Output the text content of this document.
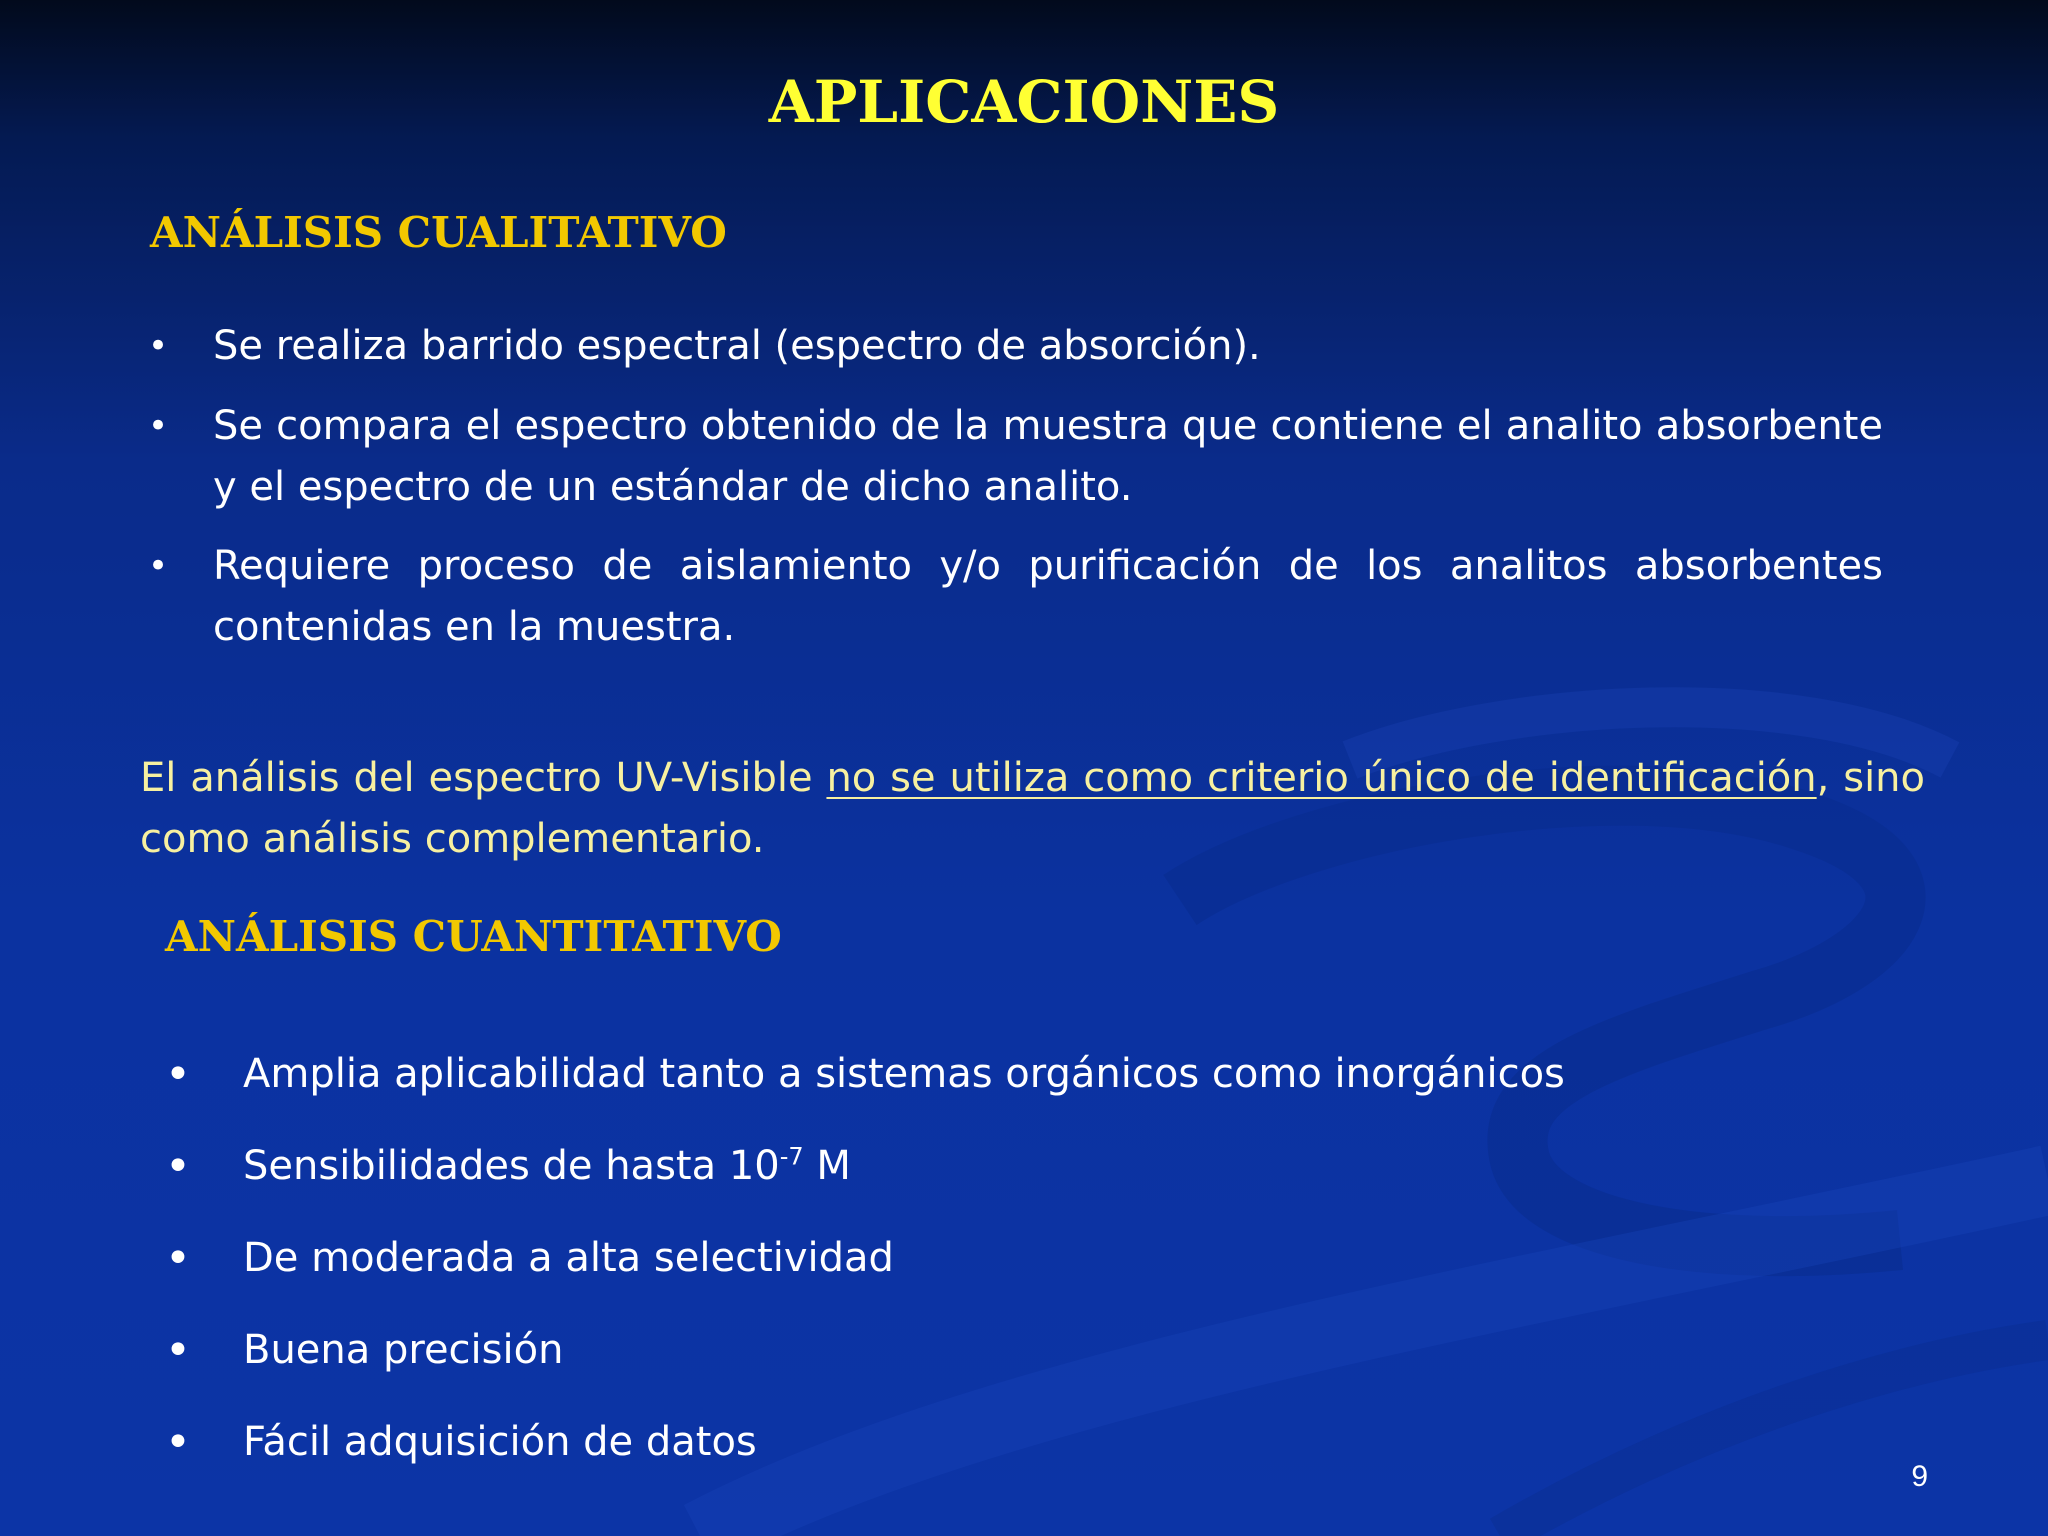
APLICACIONES
ANÁLISIS CUALITATIVO
• Se realiza barrido espectral (espectro de absorción).
• Se compara el espectro obtenido de la muestra que contiene el analito absorbente y el espectro de un estándar de dicho analito.
• Requiere proceso de aislamiento y/o purificación de los analitos absorbentes contenidas en la muestra.
El análisis del espectro UV-Visible no se utiliza como criterio único de identificación, sino como análisis complementario.
ANÁLISIS CUANTITATIVO
• Amplia aplicabilidad tanto a sistemas orgánicos como inorgánicos
• Sensibilidades de hasta $10^{-7}$ M
• De moderada a alta selectividad
• Buena precisión
• Fácil adquisición de datos
9
